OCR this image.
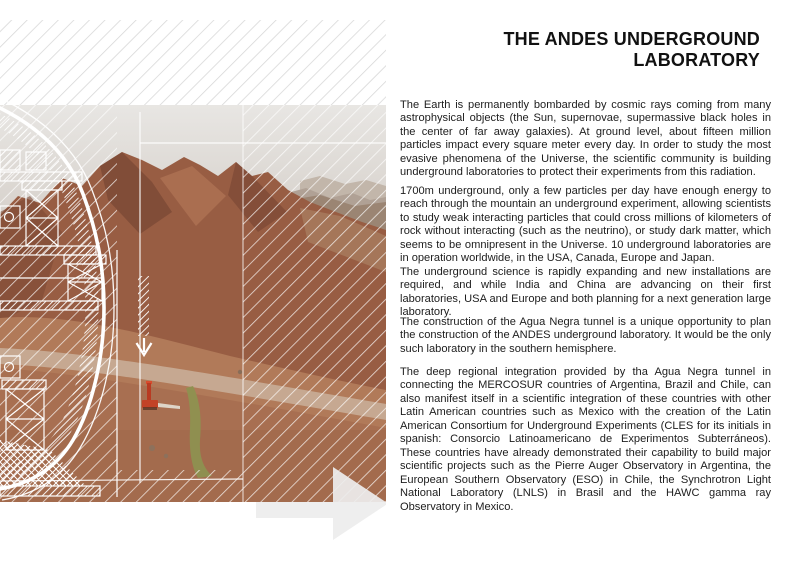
THE ANDES UNDERGROUND LABORATORY

The Earth is permanently bombarded by cosmic rays coming from many astrophysical objects (the Sun, supernovae, supermassive black holes in the center of far away galaxies). At ground level, about fifteen million particles impact every square meter every day. In order to study the most evasive phenomena of the Universe, the scientific community is building underground laboratories to protect their experiments from this radiation.

1700m underground, only a few particles per day have enough energy to reach through the mountain an underground experiment, allowing scientists to study weak interacting particles that could cross millions of kilometers of rock without interacting (such as the neutrino), or study dark matter, which seems to be omnipresent in the Universe. 10 underground laboratories are in operation worldwide, in the USA, Canada, Europe and Japan.

The underground science is rapidly expanding and new installations are required, and while India and China are advancing on their first laboratories, USA and Europe and both planning for a next generation large laboratory.

The construction of the Agua Negra tunnel is a unique opportunity to plan the construction of the ANDES underground laboratory. It would be the only such laboratory in the southern hemisphere.

The deep regional integration provided by tha Agua Negra tunnel in connecting the MERCOSUR countries of Argentina, Brazil and Chile, can also manifest itself in a scientific integration of these countries with other Latin American countries such as Mexico with the creation of the Latin American Consortium for Underground Experiments (CLES for its initials in spanish: Consorcio Latinoamericano de Experimentos Subterráneos). These countries have already demonstrated their capability to build major scientific projects such as the Pierre Auger Observatory in Argentina, the European Southern Observatory (ESO) in Chile, the Synchrotron Light National Laboratory (LNLS) in Brasil and the HAWC gamma ray Observatory in Mexico.
